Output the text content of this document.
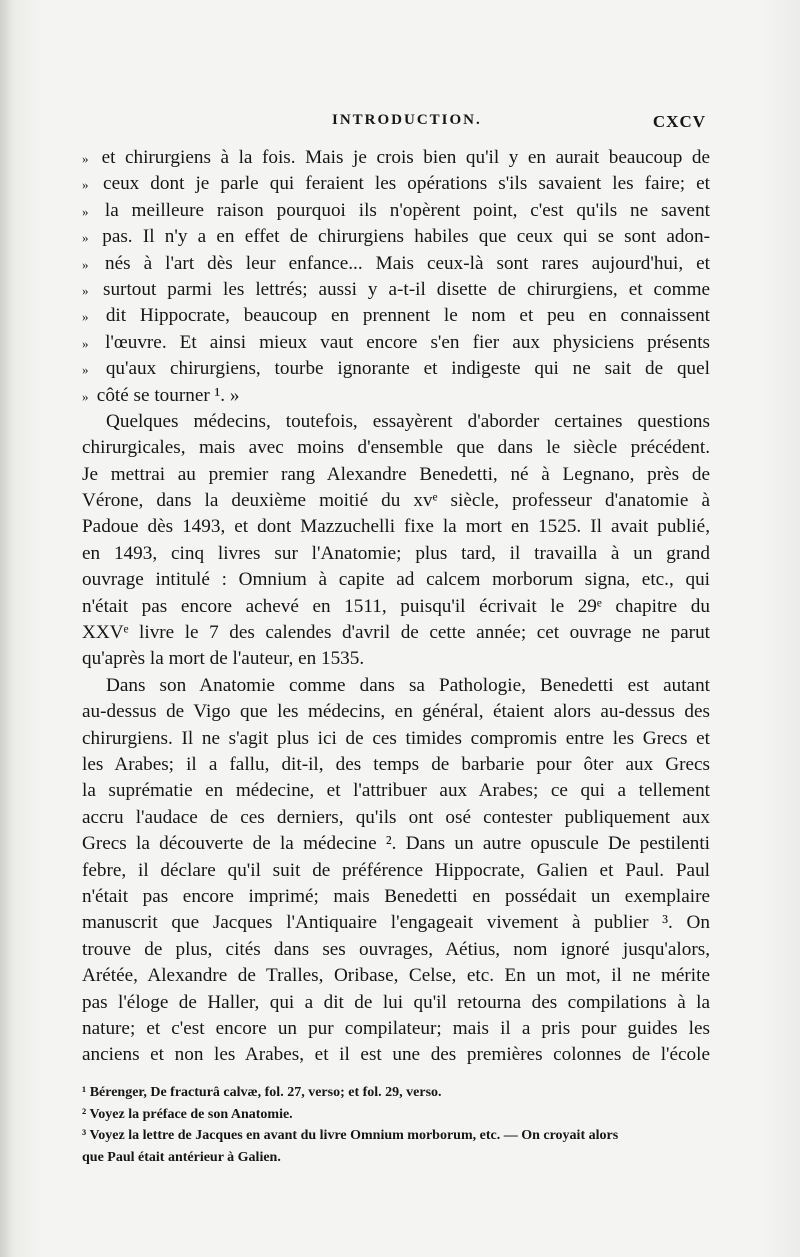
INTRODUCTION.	CXCV
» et chirurgiens à la fois. Mais je crois bien qu'il y en aurait beaucoup de
» ceux dont je parle qui feraient les opérations s'ils savaient les faire; et
» la meilleure raison pourquoi ils n'opèrent point, c'est qu'ils ne savent
» pas. Il n'y a en effet de chirurgiens habiles que ceux qui se sont adon-
» nés à l'art dès leur enfance... Mais ceux-là sont rares aujourd'hui, et
» surtout parmi les lettrés; aussi y a-t-il disette de chirurgiens, et comme
» dit Hippocrate, beaucoup en prennent le nom et peu en connaissent
» l'œuvre. Et ainsi mieux vaut encore s'en fier aux physiciens présents
» qu'aux chirurgiens, tourbe ignorante et indigeste qui ne sait de quel
» côté se tourner ¹. »
Quelques médecins, toutefois, essayèrent d'aborder certaines questions
chirurgicales, mais avec moins d'ensemble que dans le siècle précédent.
Je mettrai au premier rang Alexandre Benedetti, né à Legnano, près de
Vérone, dans la deuxième moitié du xvᵉ siècle, professeur d'anatomie à
Padoue dès 1493, et dont Mazzuchelli fixe la mort en 1525. Il avait publié,
en 1493, cinq livres sur l'Anatomie; plus tard, il travailla à un grand
ouvrage intitulé : Omnium à capite ad calcem morborum signa, etc., qui
n'était pas encore achevé en 1511, puisqu'il écrivait le 29ᵉ chapitre du
XXVᵉ livre le 7 des calendes d'avril de cette année; cet ouvrage ne parut
qu'après la mort de l'auteur, en 1535.
Dans son Anatomie comme dans sa Pathologie, Benedetti est autant
au-dessus de Vigo que les médecins, en général, étaient alors au-dessus des
chirurgiens. Il ne s'agit plus ici de ces timides compromis entre les Grecs et
les Arabes; il a fallu, dit-il, des temps de barbarie pour ôter aux Grecs
la suprématie en médecine, et l'attribuer aux Arabes; ce qui a tellement
accru l'audace de ces derniers, qu'ils ont osé contester publiquement aux
Grecs la découverte de la médecine ². Dans un autre opuscule De pestilenti
febre, il déclare qu'il suit de préférence Hippocrate, Galien et Paul. Paul
n'était pas encore imprimé; mais Benedetti en possédait un exemplaire
manuscrit que Jacques l'Antiquaire l'engageait vivement à publier ³. On
trouve de plus, cités dans ses ouvrages, Aétius, nom ignoré jusqu'alors,
Arétée, Alexandre de Tralles, Oribase, Celse, etc. En un mot, il ne mérite
pas l'éloge de Haller, qui a dit de lui qu'il retourna des compilations à la
nature; et c'est encore un pur compilateur; mais il a pris pour guides les
anciens et non les Arabes, et il est une des premières colonnes de l'école
¹ Bérenger, De fracturâ calvæ, fol. 27, verso; et fol. 29, verso.
² Voyez la préface de son Anatomie.
³ Voyez la lettre de Jacques en avant du livre Omnium morborum, etc. — On croyait alors
que Paul était antérieur à Galien.
